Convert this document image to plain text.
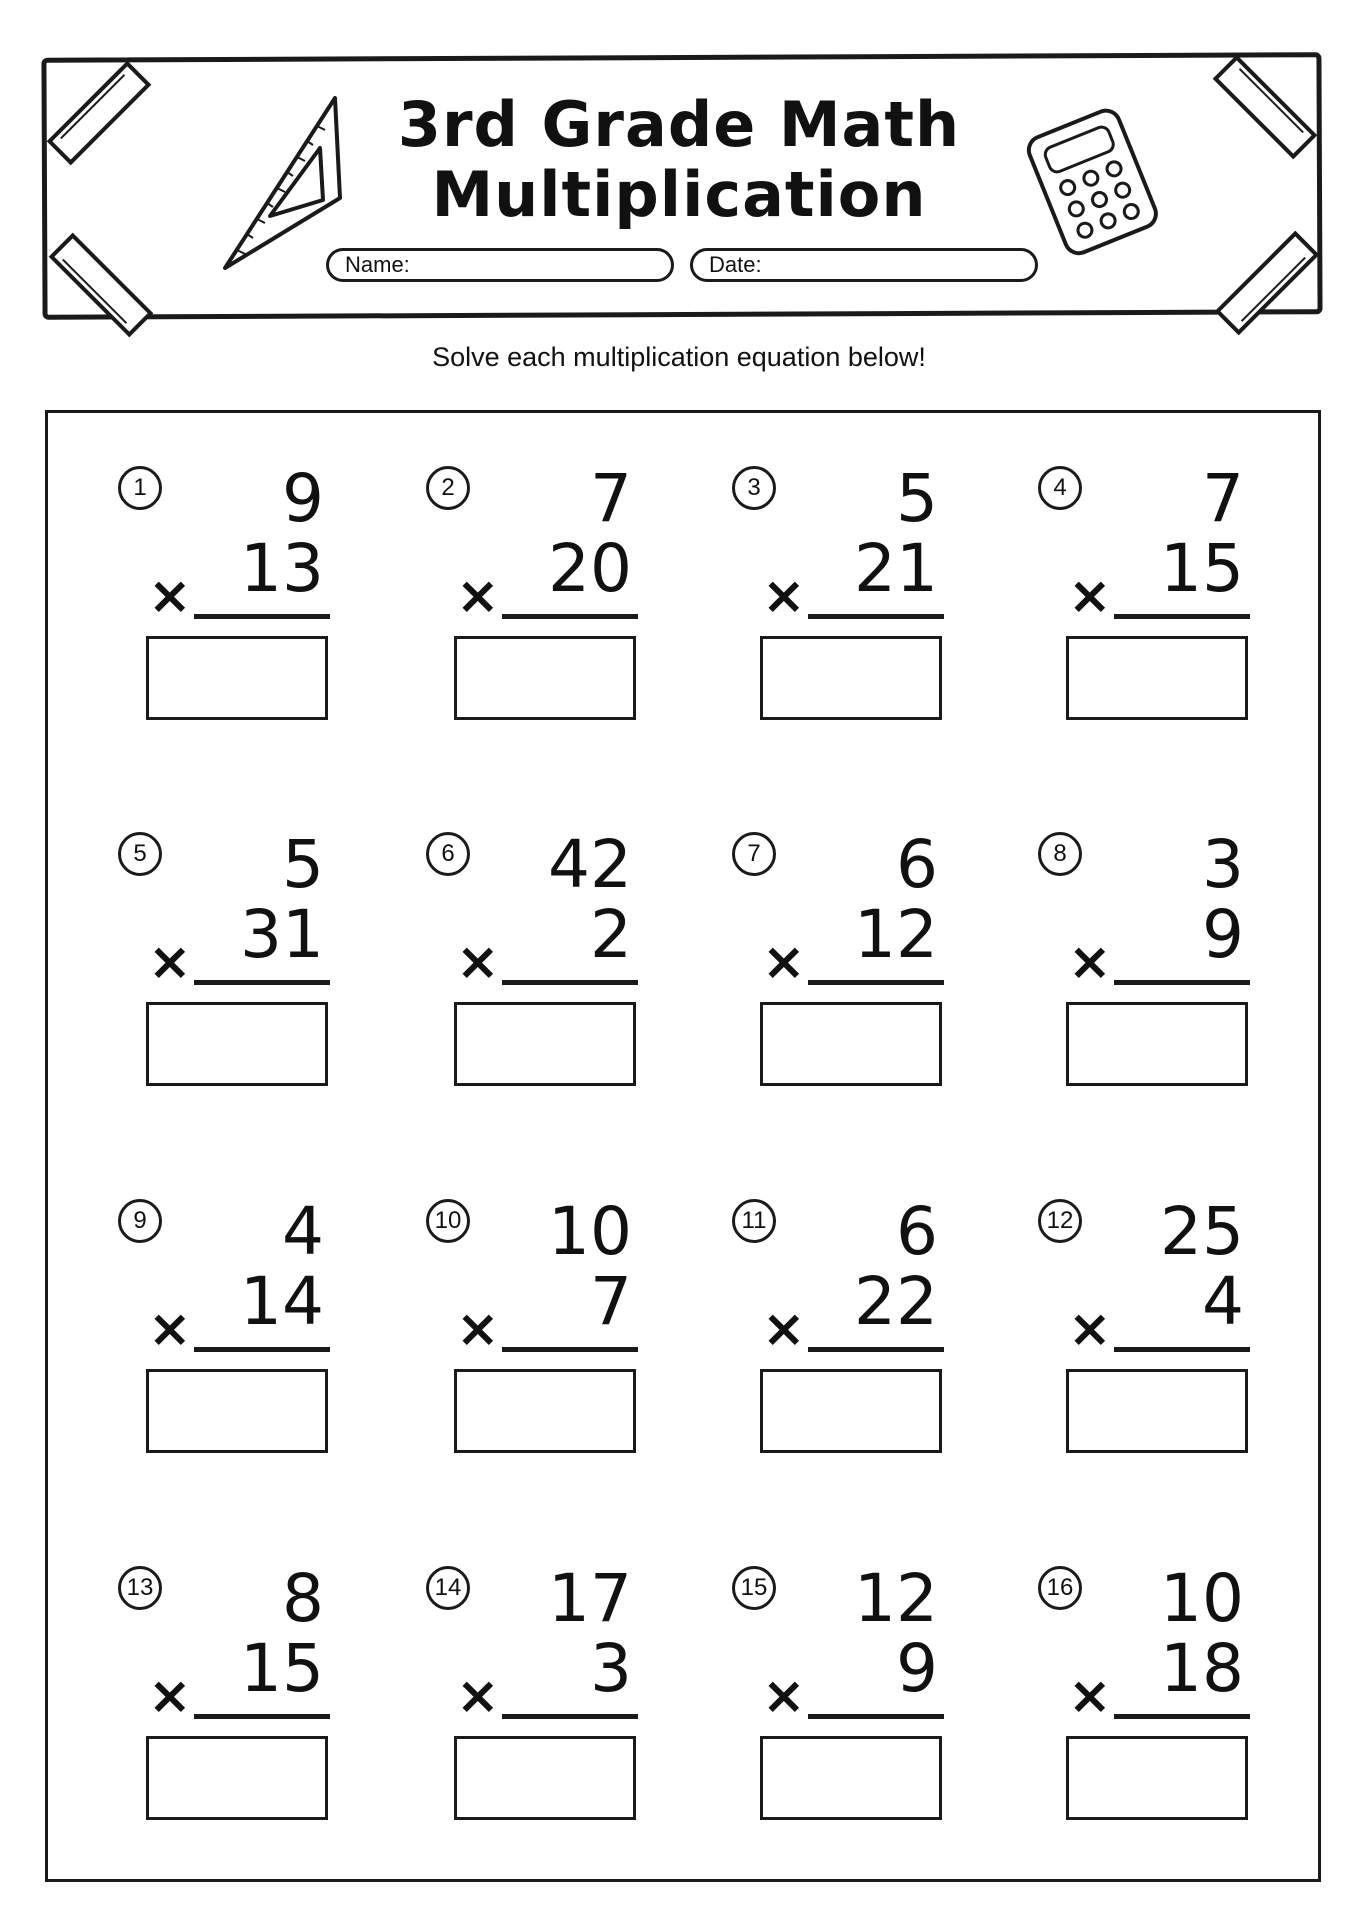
3rd Grade Math
Multiplication
Name:	Date:
Solve each multiplication equation below!
1 9
13
×
2 7
20
×
3 5
21
×
4 7
15
×
5 5
31
×
6 42
2
×
7 6
12
×
8 3
9
×
9 4
14
×
10 10
7
×
11 6
22
×
12 25
4
×
13 8
15
×
14 17
3
×
15 12
9
×
16 10
18
×
